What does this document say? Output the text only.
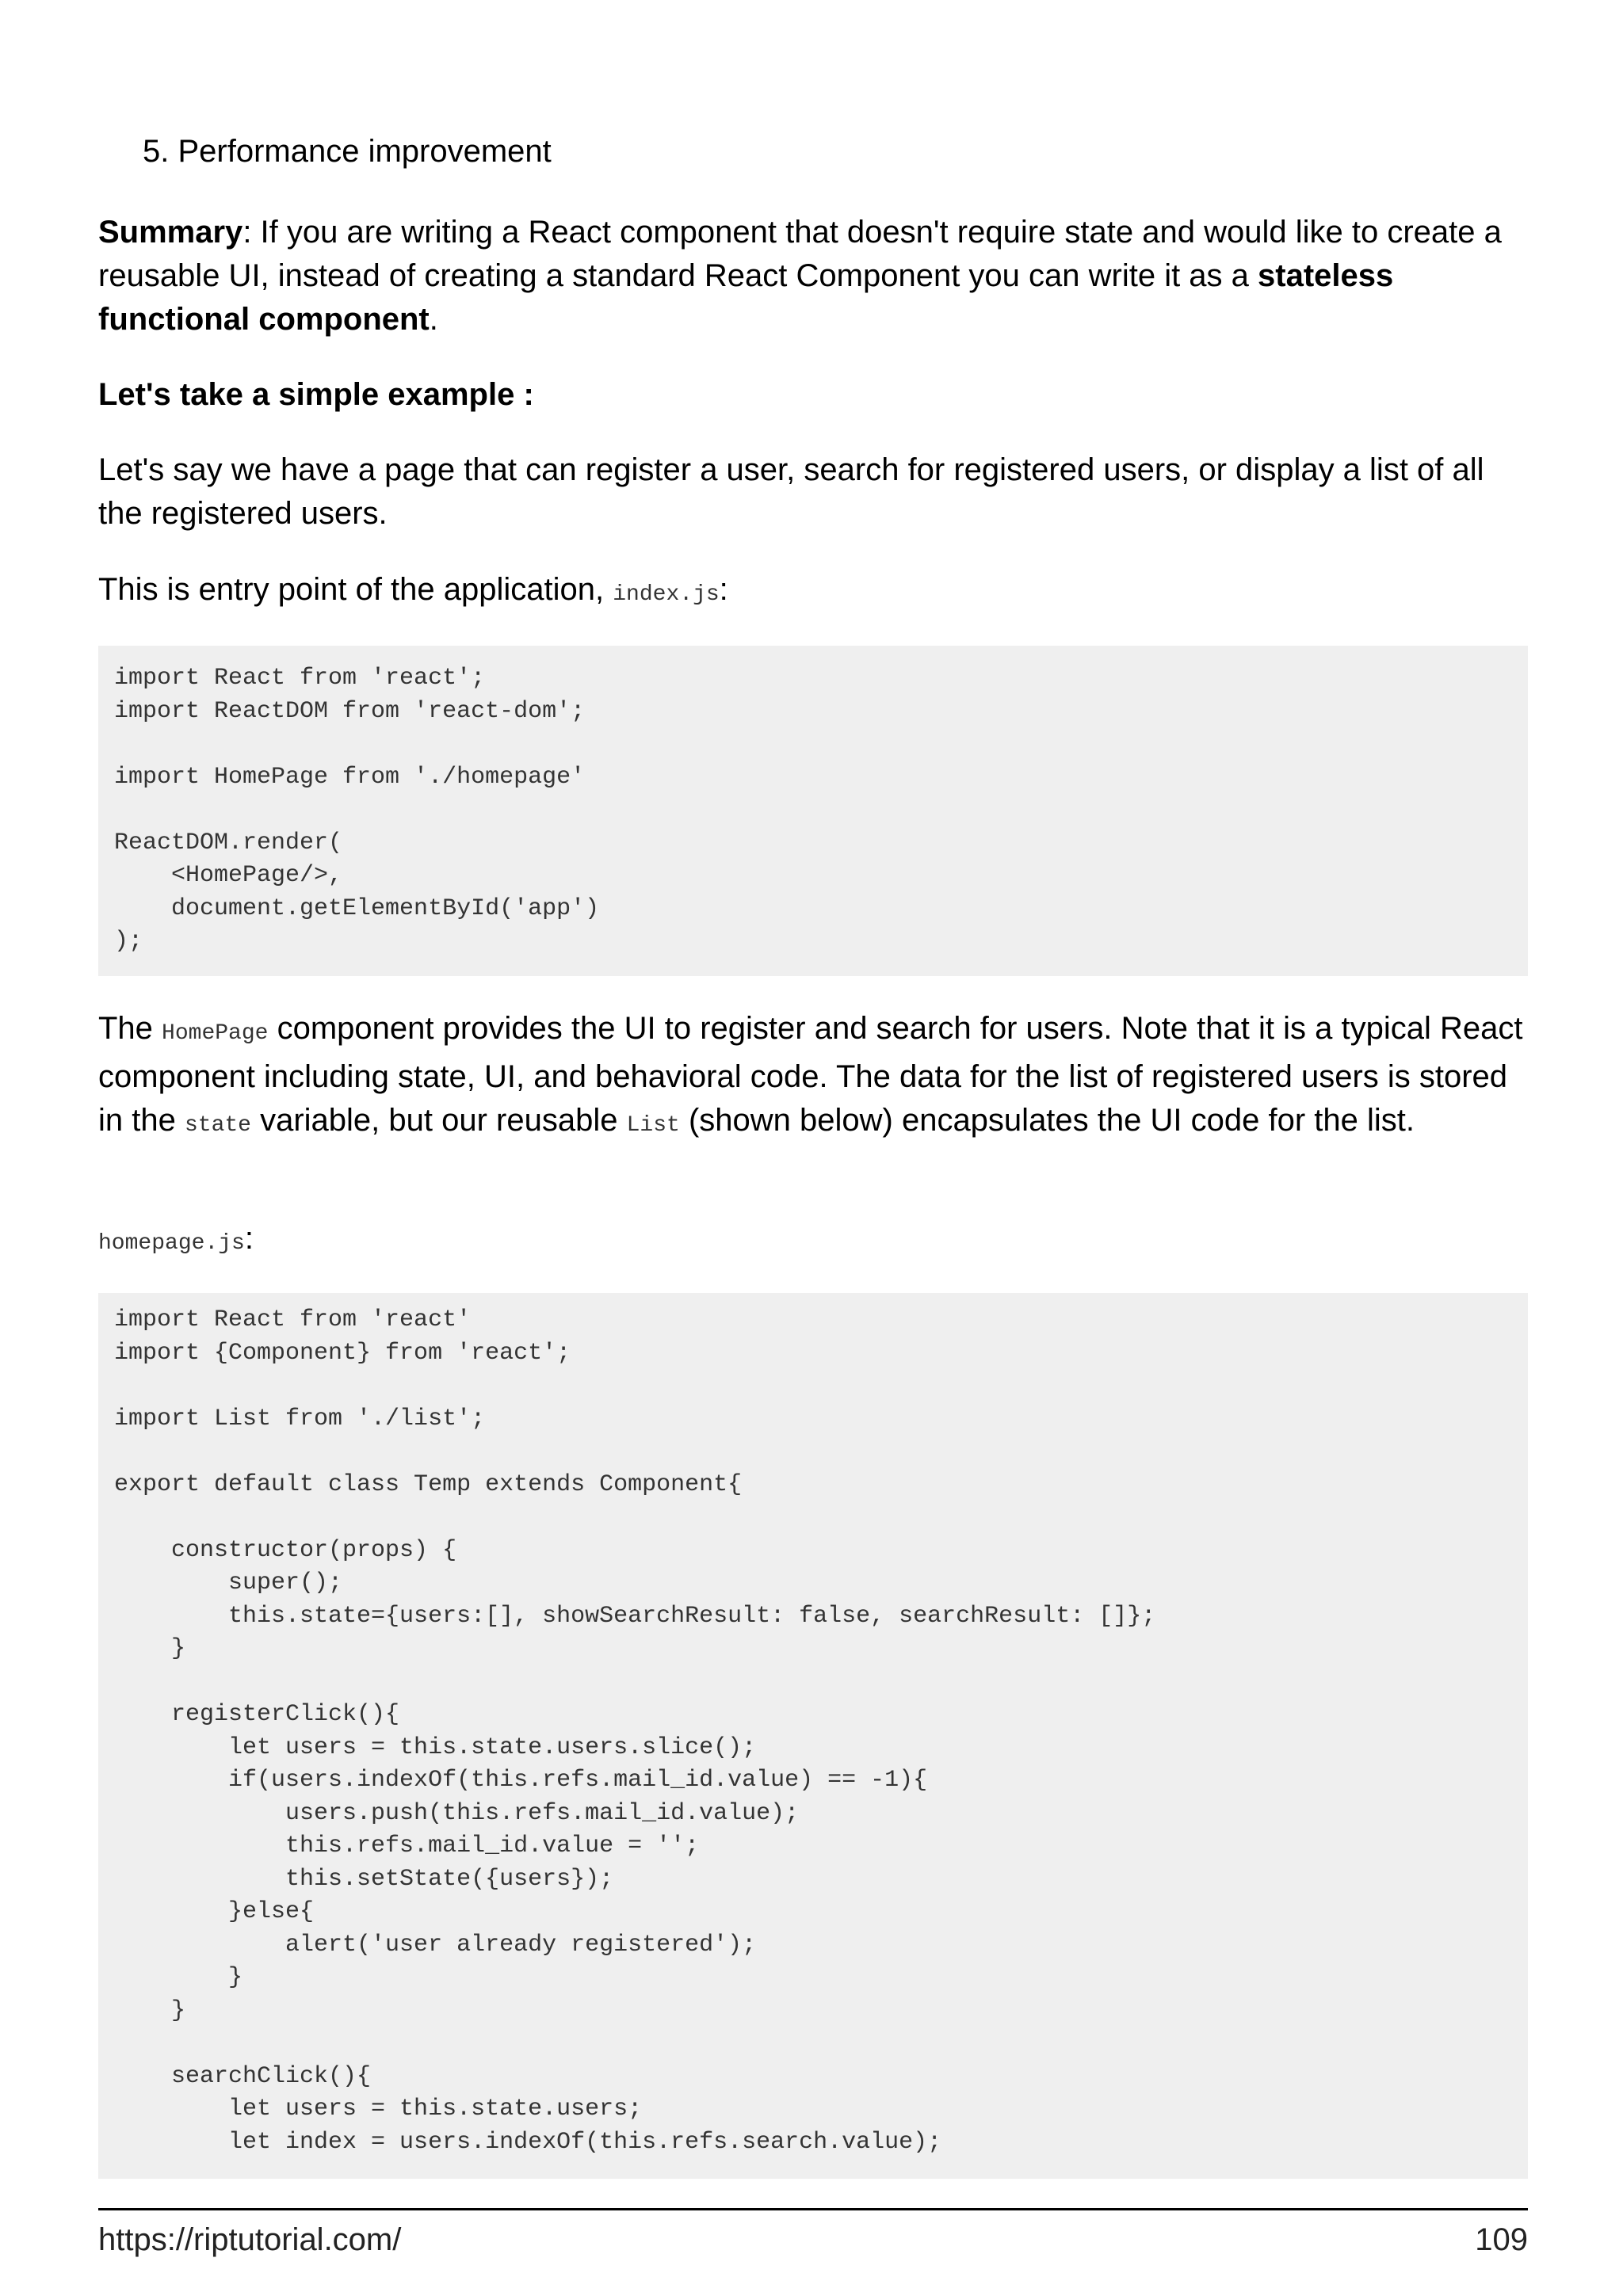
5. Performance improvement

Summary: If you are writing a React component that doesn't require state and would like to create a reusable UI, instead of creating a standard React Component you can write it as a stateless functional component.

Let's take a simple example :

Let's say we have a page that can register a user, search for registered users, or display a list of all the registered users.

This is entry point of the application, index.js:

import React from 'react';
import ReactDOM from 'react-dom';
import HomePage from './homepage'
ReactDOM.render(
<HomePage/>,
document.getElementById('app')
);

The HomePage component provides the UI to register and search for users. Note that it is a typical React component including state, UI, and behavioral code. The data for the list of registered users is stored in the state variable, but our reusable List (shown below) encapsulates the UI code for the list.

homepage.js:

import React from 'react'
import {Component} from 'react';
import List from './list';
export default class Temp extends Component{
constructor(props) {
super();
this.state={users:[], showSearchResult: false, searchResult: []};
}
registerClick(){
let users = this.state.users.slice();
if(users.indexOf(this.refs.mail_id.value) == -1){
users.push(this.refs.mail_id.value);
this.refs.mail_id.value = '';
this.setState({users});
}else{
alert('user already registered');
}
}
searchClick(){
let users = this.state.users;
let index = users.indexOf(this.refs.search.value);
https://riptutorial.com/	109
